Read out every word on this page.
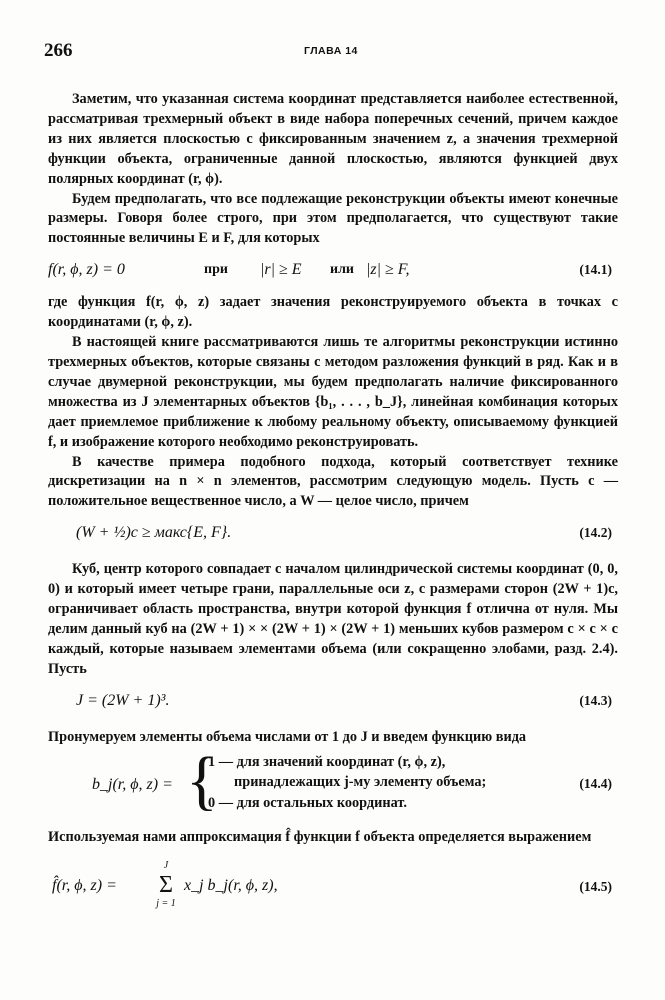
266	ГЛАВА 14

Заметим, что указанная система координат представляется наиболее естественной, рассматривая трехмерный объект в виде набора поперечных сечений, причем каждое из них является плоскостью с фиксированным значением z, а значения трехмерной функции объекта, ограниченные данной плоскостью, являются функцией двух полярных координат (r, ϕ).

Будем предполагать, что все подлежащие реконструкции объекты имеют конечные размеры. Говоря более строго, при этом предполагается, что существуют такие постоянные величины E и F, для которых

f(r, ϕ, z) = 0	при |r| ≥ E или |z| ≥ F,	(14.1)

где функция f(r, ϕ, z) задает значения реконструируемого объекта в точках с координатами (r, ϕ, z).

В настоящей книге рассматриваются лишь те алгоритмы реконструкции истинно трехмерных объектов, которые связаны с методом разложения функций в ряд. Как и в случае двумерной реконструкции, мы будем предполагать наличие фиксированного множества из J элементарных объектов {b₁, . . . , b_J}, линейная комбинация которых дает приемлемое приближение к любому реальному объекту, описываемому функцией f, и изображение которого необходимо реконструировать.

В качестве примера подобного подхода, который соответствует технике дискретизации на n × n элементов, рассмотрим следующую модель. Пусть c — положительное вещественное число, а W — целое число, причем

(W + ½)c ≥ макс{E, F}.	(14.2)

Куб, центр которого совпадает с началом цилиндрической системы координат (0, 0, 0) и который имеет четыре грани, параллельные оси z, с размерами сторон (2W + 1)c, ограничивает область пространства, внутри которой функция f отлична от нуля. Мы делим данный куб на (2W + 1) × × (2W + 1) × (2W + 1) меньших кубов размером c × c × c каждый, которые называем элементами объема (или сокращенно элобами, разд. 2.4). Пусть

J = (2W + 1)³.	(14.3)

Пронумеруем элементы объема числами от 1 до J и введем функцию вида

b_j(r, ϕ, z) = {
1 — для значений координат (r, ϕ, z),
принадлежащих j-му элементу объема;
0 — для остальных координат.
(14.4)

Используемая нами аппроксимация f̂ функции f объекта определяется выражением

f̂(r, ϕ, z) =
J
Σ
j = 1
x_j b_j(r, ϕ, z),	(14.5)
